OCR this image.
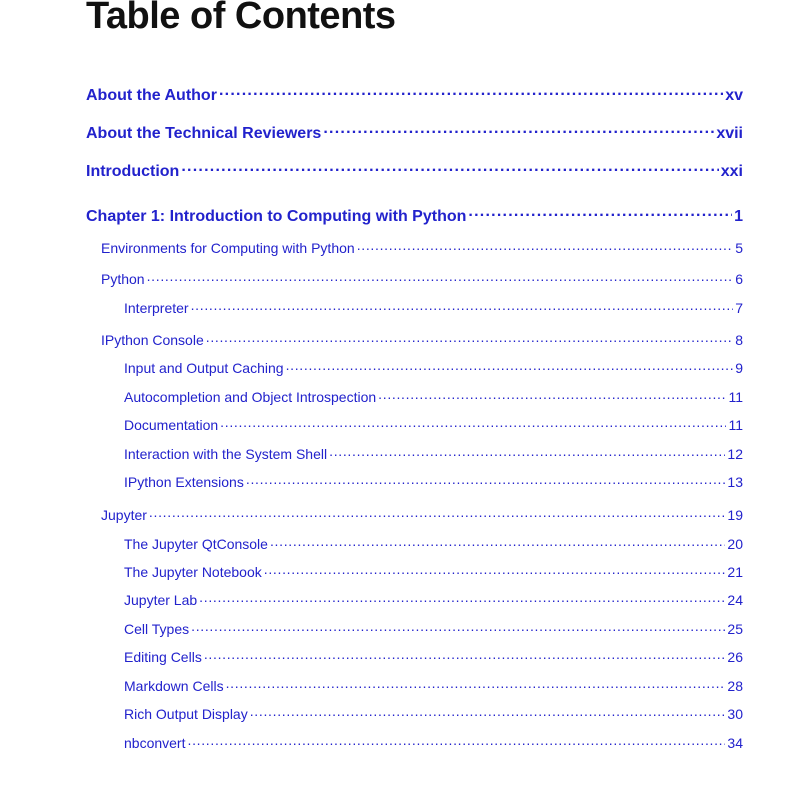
Table of Contents
About the Author . . .	xv
About the Technical Reviewers . . .	xvii
Introduction . . .	xxi
Chapter 1: Introduction to Computing with Python . . .	1
Environments for Computing with Python . . .	5
Python . . .	6
Interpreter . . .	7
IPython Console . . .	8
Input and Output Caching . . .	9
Autocompletion and Object Introspection . . .	11
Documentation . . .	11
Interaction with the System Shell . . .	12
IPython Extensions . . .	13
Jupyter . . .	19
The Jupyter QtConsole . . .	20
The Jupyter Notebook . . .	21
Jupyter Lab . . .	24
Cell Types . . .	25
Editing Cells . . .	26
Markdown Cells . . .	28
Rich Output Display . . .	30
nbconvert . . .	34
